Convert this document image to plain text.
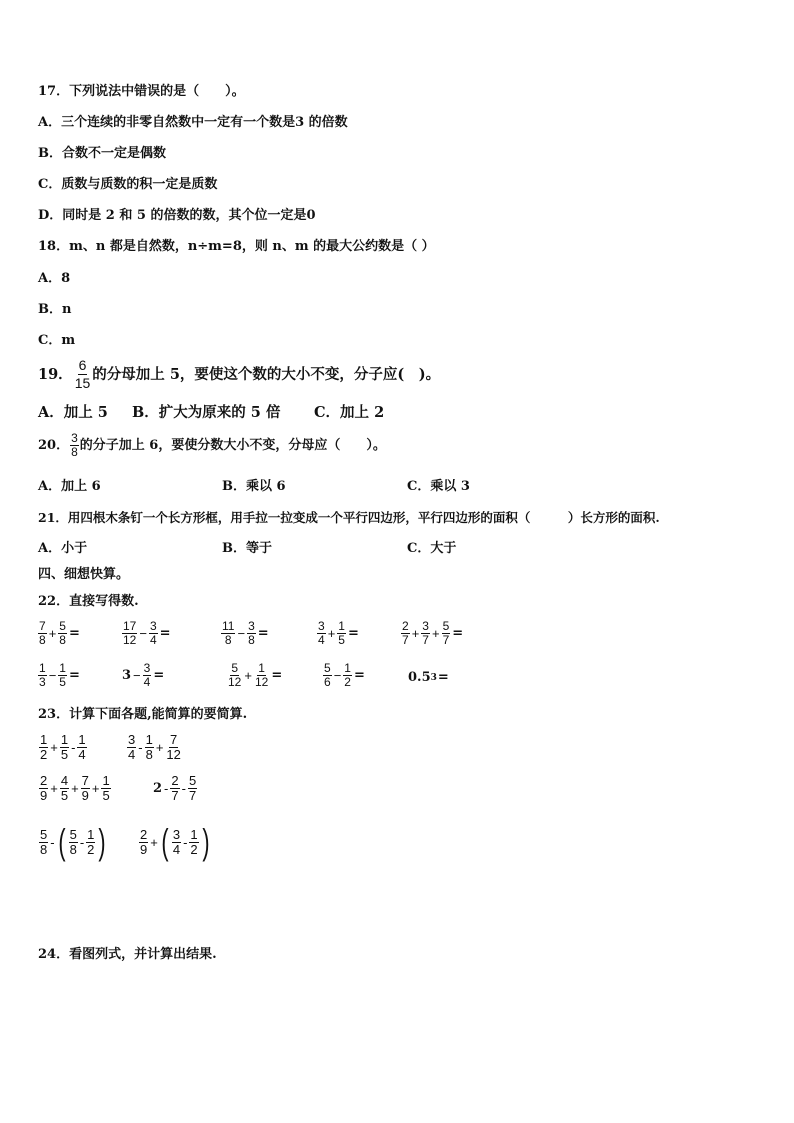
17．下列说法中错误的是（　　）。
A．三个连续的非零自然数中一定有一个数是3 的倍数
B．合数不一定是偶数
C．质数与质数的积一定是质数
D．同时是 2 和 5 的倍数的数，其个位一定是0
18．m、n 都是自然数，n÷m=8，则 n、m 的最大公约数是（ ）
A．8
B．n
C．m
19． $\frac{6}{15}$ 的分母加上 5，要使这个数的大小不变，分子应(　)。
A．加上 5 B．扩大为原来的 5 倍 C．加上 2
20． $\frac{3}{8}$ 的分子加上 6，要使分数大小不变，分母应（　　）。
A．加上 6	B．乘以 6	C．乘以 3
21．用四根木条钉一个长方形框，用手拉一拉变成一个平行四边形，平行四边形的面积（　　　）长方形的面积.
A．小于	B．等于	C．大于
四、细想快算。
22．直接写得数.
$\frac{7}{8} + \frac{5}{8}$ =	$\frac{17}{12} - \frac{3}{4}$ =	$\frac{11}{8} - \frac{3}{8}$ =	$\frac{3}{4} + \frac{1}{5}$ =	$\frac{2}{7} + \frac{3}{7} + \frac{5}{7}$ =
$\frac{1}{3} - \frac{1}{5}$ =	$3 - \frac{3}{4}$ =	$\frac{5}{12} + \frac{1}{12}$ =	$\frac{5}{6} - \frac{1}{2}$ =	0.5 3 =
23．计算下面各题,能简算的要简算.
$\frac{1}{2} + \frac{1}{5} - \frac{1}{4}$	$\frac{3}{4} - \frac{1}{8} + \frac{7}{12}$
$\frac{2}{9} + \frac{4}{5} + \frac{7}{9} + \frac{1}{5}$	$2 - \frac{2}{7} - \frac{5}{7}$
$\frac{5}{8}$ - ( $\frac{5}{8} - \frac{1}{2}$ )	$\frac{2}{9}$ + ( $\frac{3}{4} - \frac{1}{2}$ )
24．看图列式，并计算出结果.
